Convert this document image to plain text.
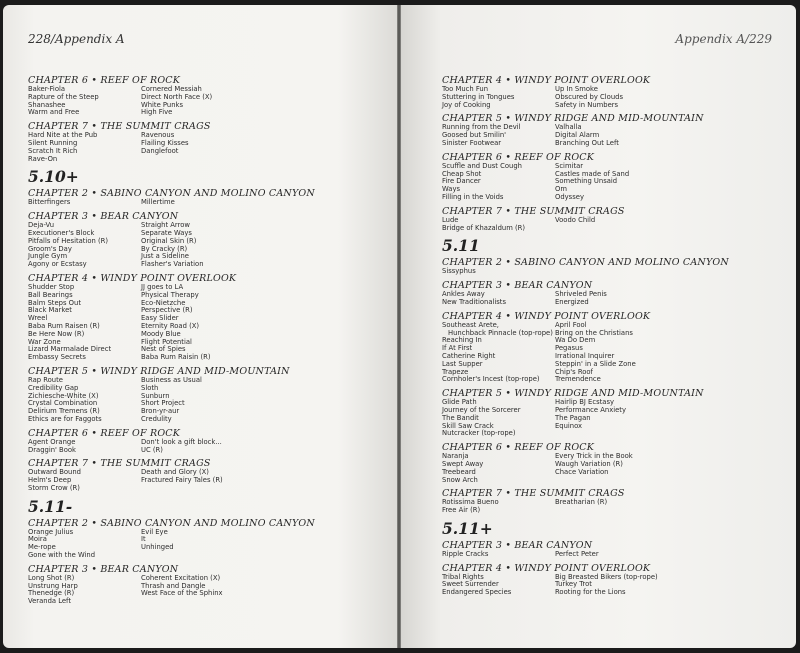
228/Appendix A
CHAPTER 6 • REEF OF ROCK
Baker-Fiola
Rapture of the Steep
Shanashee
Warm and Free
Cornered Messiah
Direct North Face (X)
White Punks
High Five
CHAPTER 7 • THE SUMMIT CRAGS
Hard Nite at the Pub
Silent Running
Scratch It Rich
Rave-On
Ravenous
Flailing Kisses
Danglefoot
5.10+
CHAPTER 2 • SABINO CANYON AND MOLINO CANYON
Bitterfingers	Millertime
CHAPTER 3 • BEAR CANYON
Deja-Vu
Executioner's Block
Pitfalls of Hesitation (R)
Groom's Day
Jungle Gym
Agony or Ecstasy
Straight Arrow
Separate Ways
Original Skin (R)
By Cracky (R)
Just a Sideline
Flasher's Variation
CHAPTER 4 • WINDY POINT OVERLOOK
Shudder Stop
Ball Bearings
Balm Steps Out
Black Market
Wreel
Baba Rum Raisen (R)
Be Here Now (R)
War Zone
Lizard Marmalade Direct
Embassy Secrets
JJ goes to LA
Physical Therapy
Eco-Nietzche
Perspective (R)
Easy Slider
Eternity Road (X)
Moody Blue
Flight Potential
Nest of Spies
Baba Rum Raisin (R)
CHAPTER 5 • WINDY RIDGE AND MID-MOUNTAIN
Rap Route
Credibility Gap
Zichiesche-White (X)
Crystal Combination
Delirium Tremens (R)
Ethics are for Faggots
Business as Usual
Sloth
Sunburn
Short Project
Bron-yr-aur
Credulity
CHAPTER 6 • REEF OF ROCK
Agent Orange
Draggin' Book
Don't look a gift block...
UC (R)
CHAPTER 7 • THE SUMMIT CRAGS
Outward Bound
Helm's Deep
Storm Crow (R)
Death and Glory (X)
Fractured Fairy Tales (R)
5.11-
CHAPTER 2 • SABINO CANYON AND MOLINO CANYON
Orange Julius
Moira
Me-rope
Gone with the Wind
Evil Eye
It
Unhinged
CHAPTER 3 • BEAR CANYON
Long Shot (R)
Unstrung Harp
Thenedge (R)
Veranda Left
Coherent Excitation (X)
Thrash and Dangle
West Face of the Sphinx
Appendix A/229
CHAPTER 4 • WINDY POINT OVERLOOK
Too Much Fun
Stuttering in Tongues
Joy of Cooking
Up In Smoke
Obscured by Clouds
Safety in Numbers
CHAPTER 5 • WINDY RIDGE AND MID-MOUNTAIN
Running from the Devil
Goosed but Smilin'
Sinister Footwear
Valhalla
Digital Alarm
Branching Out Left
CHAPTER 6 • REEF OF ROCK
Scuffle and Dust Cough
Cheap Shot
Fire Dancer
Ways
Filling in the Voids
Scimitar
Castles made of Sand
Something Unsaid
Om
Odyssey
CHAPTER 7 • THE SUMMIT CRAGS
Lude
Bridge of Khazaldum (R)
Voodo Child
5.11
CHAPTER 2 • SABINO CANYON AND MOLINO CANYON
Sissyphus
CHAPTER 3 • BEAR CANYON
Ankles Away
New Traditionalists
Shriveled Penis
Energized
CHAPTER 4 • WINDY POINT OVERLOOK
Southeast Arete,
Hunchback Pinnacle (top-rope)
Reaching In
If At First
Catherine Right
Last Supper
Trapeze
Cornholer's Incest (top-rope)
April Fool
Bring on the Christians
Wa Do Dem
Pegasus
Irrational Inquirer
Steppin' in a Slide Zone
Chip's Roof
Tremendence
CHAPTER 5 • WINDY RIDGE AND MID-MOUNTAIN
Glide Path
Journey of the Sorcerer
The Bandit
Skill Saw Crack
Nutcracker (top-rope)
Hairlip BJ Ecstasy
Performance Anxiety
The Pagan
Equinox
CHAPTER 6 • REEF OF ROCK
Naranja
Swept Away
Treebeard
Snow Arch
Every Trick in the Book
Waugh Variation (R)
Chace Variation
CHAPTER 7 • THE SUMMIT CRAGS
Rotissima Bueno
Free Air (R)
Breatharian (R)
5.11+
CHAPTER 3 • BEAR CANYON
Ripple Cracks	Perfect Peter
CHAPTER 4 • WINDY POINT OVERLOOK
Tribal Rights
Sweet Surrender
Endangered Species
Big Breasted Bikers (top-rope)
Turkey Trot
Rooting for the Lions
